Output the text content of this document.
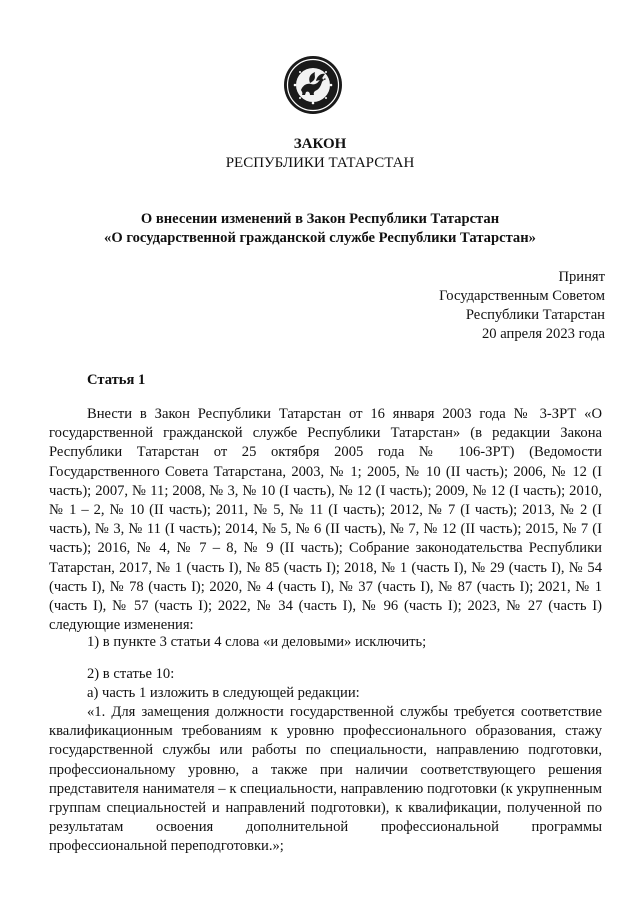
ЗАКОН
РЕСПУБЛИКИ ТАТАРСТАН
О внесении изменений в Закон Республики Татарстан
«О государственной гражданской службе Республики Татарстан»
Принят
Государственным Советом
Республики Татарстан
20 апреля 2023 года
Статья 1
Внести в Закон Республики Татарстан от 16 января 2003 года № 3-ЗРТ «О государственной гражданской службе Республики Татарстан» (в редакции Закона Республики Татарстан от 25 октября 2005 года № 106-ЗРТ) (Ведомости Государственного Совета Татарстана, 2003, № 1; 2005, № 10 (II часть); 2006, № 12 (I часть); 2007, № 11; 2008, № 3, № 10 (I часть), № 12 (I часть); 2009, № 12 (I часть); 2010, № 1 – 2, № 10 (II часть); 2011, № 5, № 11 (I часть); 2012, № 7 (I часть); 2013, № 2 (I часть), № 3, № 11 (I часть); 2014, № 5, № 6 (II часть), № 7, № 12 (II часть); 2015, № 7 (I часть); 2016, № 4, № 7 – 8, № 9 (II часть); Собрание законодательства Республики Татарстан, 2017, № 1 (часть I), № 85 (часть I); 2018, № 1 (часть I), № 29 (часть I), № 54 (часть I), № 78 (часть I); 2020, № 4 (часть I), № 37 (часть I), № 87 (часть I); 2021, № 1 (часть I), № 57 (часть I); 2022, № 34 (часть I), № 96 (часть I); 2023, № 27 (часть I) следующие изменения:
1) в пункте 3 статьи 4 слова «и деловыми» исключить;
2) в статье 10:
а) часть 1 изложить в следующей редакции:
«1. Для замещения должности государственной службы требуется соответствие квалификационным требованиям к уровню профессионального образования, стажу государственной службы или работы по специальности, направлению подготовки, профессиональному уровню, а также при наличии соответствующего решения представителя нанимателя – к специальности, направлению подготовки (к укрупненным группам специальностей и направлений подготовки), к квалификации, полученной по результатам освоения дополнительной профессиональной программы профессиональной переподготовки.»;
